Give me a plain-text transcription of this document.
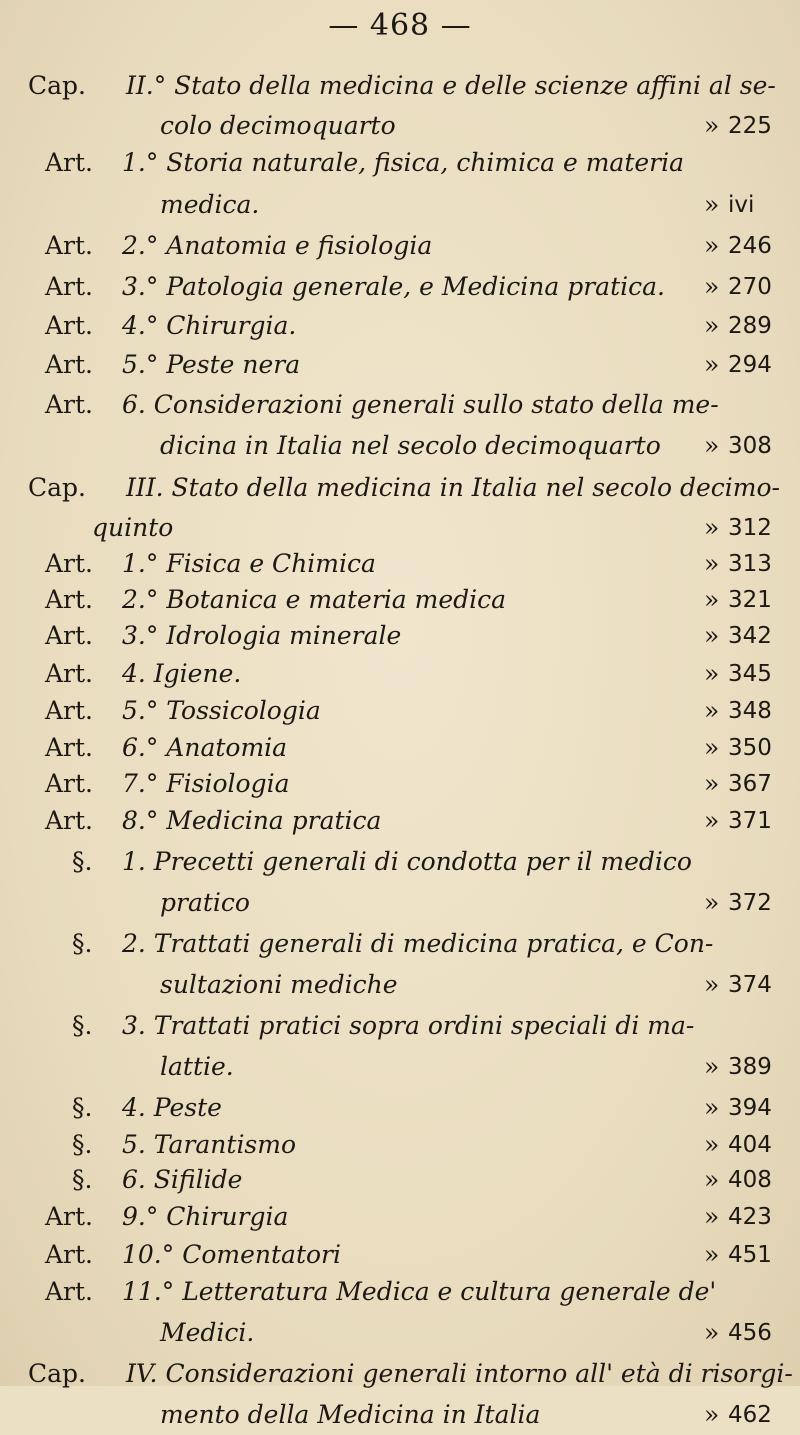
— 468 —
Cap. II.° Stato della medicina e delle scienze affini al se-
colo decimoquarto	» 225
Art. 1.° Storia naturale, fisica, chimica e materia
medica.	» ivi
Art. 2.° Anatomia e fisiologia	» 246
Art. 3.° Patologia generale, e Medicina pratica. » 270
Art. 4.° Chirurgia.	» 289
Art. 5.° Peste nera	» 294
Art. 6. Considerazioni generali sullo stato della me-
dicina in Italia nel secolo decimoquarto » 308
Cap. III. Stato della medicina in Italia nel secolo decimo-
quinto	» 312
Art. 1.° Fisica e Chimica	» 313
Art. 2.° Botanica e materia medica	» 321
Art. 3.° Idrologia minerale	» 342
Art. 4. Igiene.	» 345
Art. 5.° Tossicologia	» 348
Art. 6.° Anatomia	» 350
Art. 7.° Fisiologia	» 367
Art. 8.° Medicina pratica	» 371
§. 1. Precetti generali di condotta per il medico
pratico	» 372
§. 2. Trattati generali di medicina pratica, e Con-
sultazioni mediche	» 374
§. 3. Trattati pratici sopra ordini speciali di ma-
lattie.	» 389
§. 4. Peste	» 394
§. 5. Tarantismo	» 404
§. 6. Sifilide	» 408
Art. 9.° Chirurgia	» 423
Art. 10.° Comentatori	» 451
Art. 11.° Letteratura Medica e cultura generale de'
Medici.	» 456
Cap. IV. Considerazioni generali intorno all' età di risorgi-
mento della Medicina in Italia	» 462
